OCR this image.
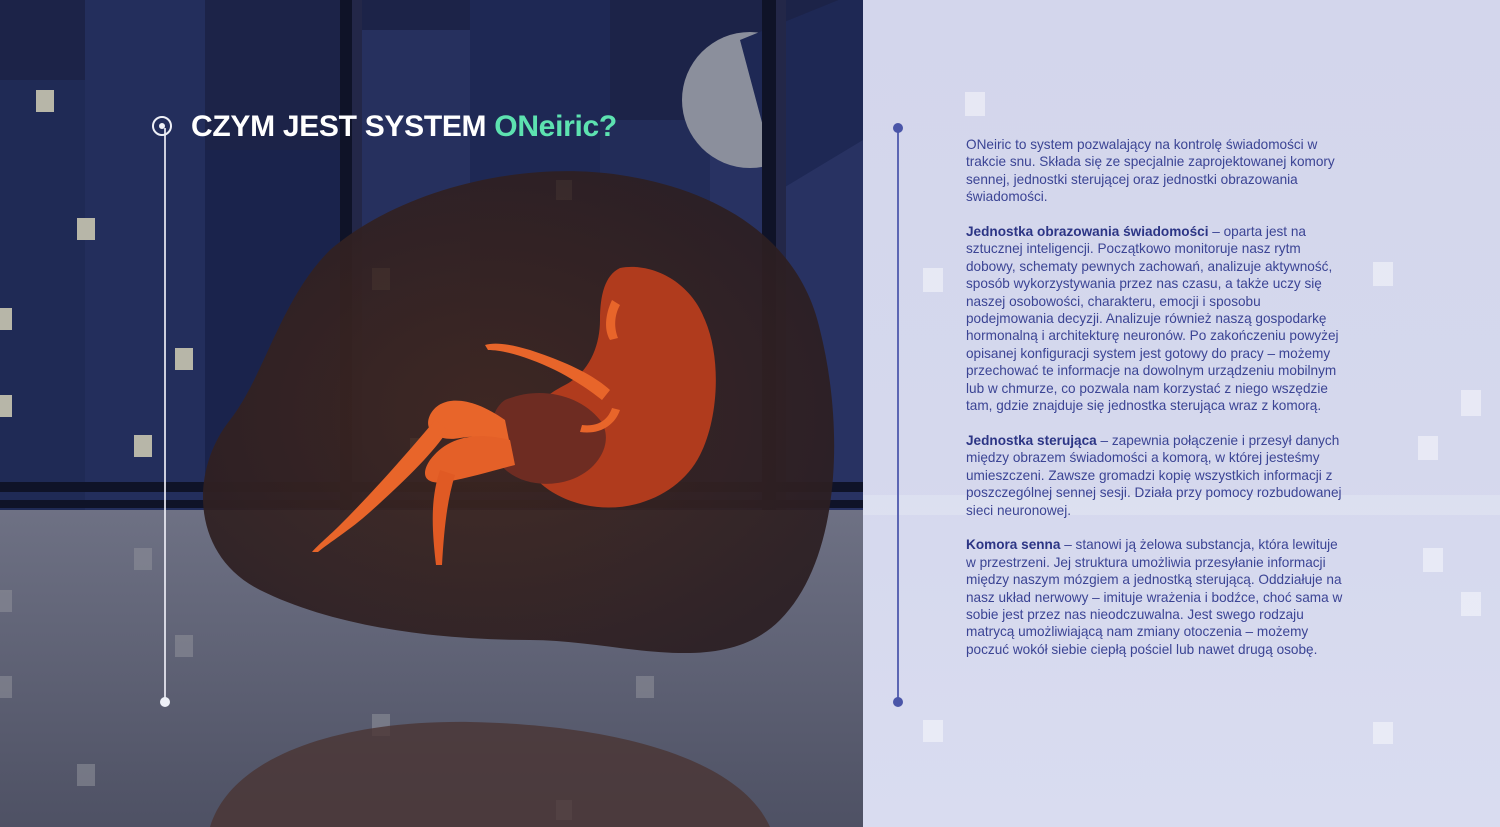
CZYM JEST SYSTEM ONeiric?

ONeiric to system pozwalający na kontrolę świadomości w trakcie snu. Składa się ze specjalnie zaprojektowanej komory sennej, jednostki sterującej oraz jednostki obrazowania świadomości.

Jednostka obrazowania świadomości – oparta jest na sztucznej inteligencji. Początkowo monitoruje nasz rytm dobowy, schematy pewnych zachowań, analizuje aktywność, sposób wykorzystywania przez nas czasu, a także uczy się naszej osobowości, charakteru, emocji i sposobu podejmowania decyzji. Analizuje również naszą gospodarkę hormonalną i architekturę neuronów. Po zakończeniu powyżej opisanej konfiguracji system jest gotowy do pracy – możemy przechować te informacje na dowolnym urządzeniu mobilnym lub w chmurze, co pozwala nam korzystać z niego wszędzie tam, gdzie znajduje się jednostka sterująca wraz z komorą.

Jednostka sterująca – zapewnia połączenie i przesył danych między obrazem świadomości a komorą, w której jesteśmy umieszczeni. Zawsze gromadzi kopię wszystkich informacji z poszczególnej sennej sesji. Działa przy pomocy rozbudowanej sieci neuronowej.

Komora senna – stanowi ją żelowa substancja, która lewituje w przestrzeni. Jej struktura umożliwia przesyłanie informacji między naszym mózgiem a jednostką sterującą. Oddziałuje na nasz układ nerwowy – imituje wrażenia i bodźce, choć sama w sobie jest przez nas nieodczuwalna. Jest swego rodzaju matrycą umożliwiającą nam zmiany otoczenia – możemy poczuć wokół siebie ciepłą pościel lub nawet drugą osobę.
